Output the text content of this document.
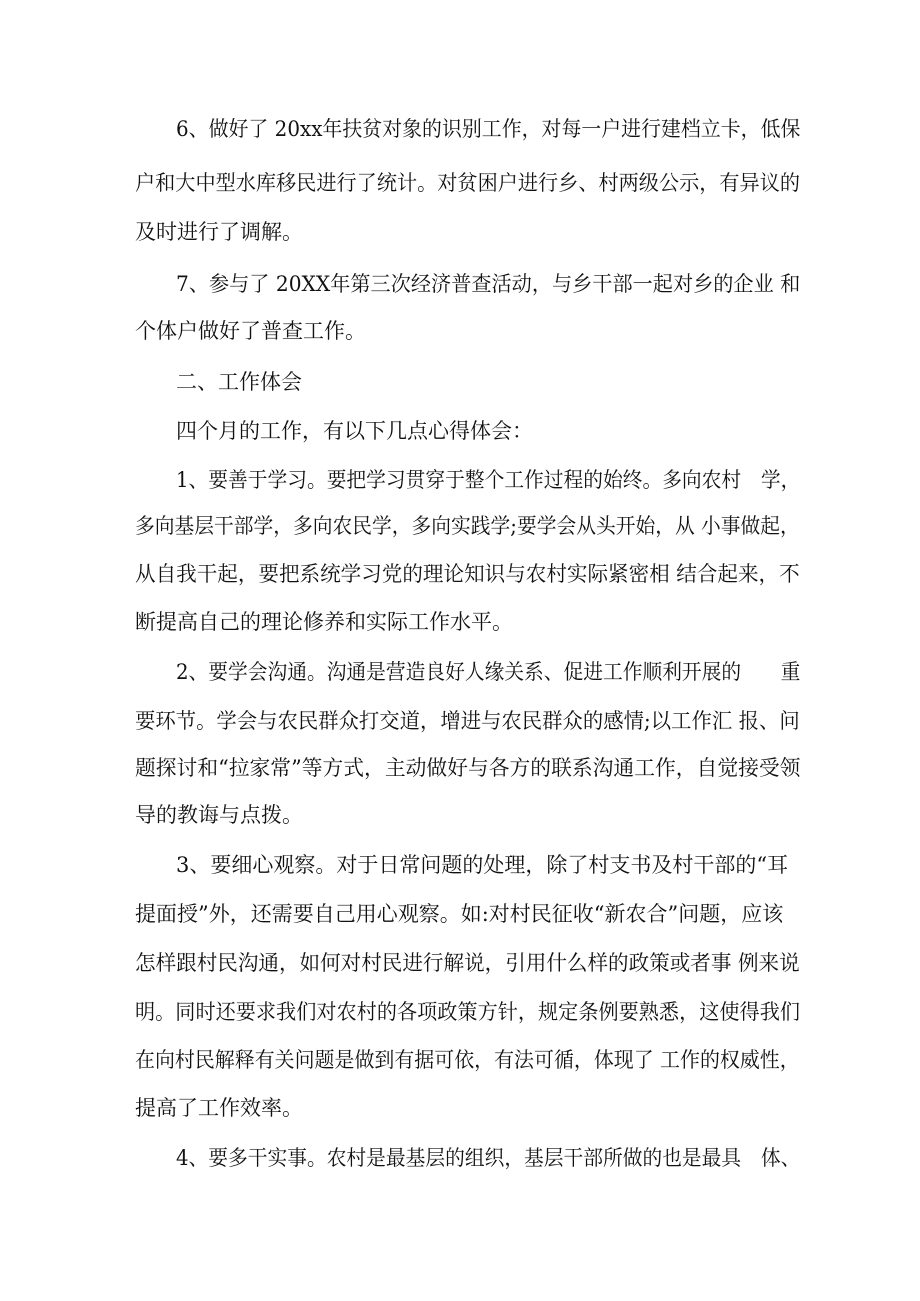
6、做好了 20xx年扶贫对象的识别工作，对每一户进行建档立卡，低保
户和大中型水库移民进行了统计。对贫困户进行乡、村两级公示，有异议的
及时进行了调解。
7、参与了 20XX年第三次经济普查活动，与乡干部一起对乡的企业 和
个体户做好了普查工作。
二、工作体会
四个月的工作，有以下几点心得体会：
1、要善于学习。要把学习贯穿于整个工作过程的始终。多向农村　学，
多向基层干部学，多向农民学，多向实践学;要学会从头开始，从 小事做起，
从自我干起，要把系统学习党的理论知识与农村实际紧密相 结合起来，不
断提高自己的理论修养和实际工作水平。
2、要学会沟通。沟通是营造良好人缘关系、促进工作顺利开展的　　重
要环节。学会与农民群众打交道，增进与农民群众的感情;以工作汇 报、问
题探讨和“拉家常”等方式，主动做好与各方的联系沟通工作，自觉接受领
导的教诲与点拨。
3、要细心观察。对于日常问题的处理，除了村支书及村干部的“耳
提面授”外，还需要自己用心观察。如:对村民征收“新农合”问题，应该
怎样跟村民沟通，如何对村民进行解说，引用什么样的政策或者事 例来说
明。同时还要求我们对农村的各项政策方针，规定条例要熟悉，这使得我们
在向村民解释有关问题是做到有据可依，有法可循，体现了 工作的权威性，
提高了工作效率。
4、要多干实事。农村是最基层的组织，基层干部所做的也是最具　体、
